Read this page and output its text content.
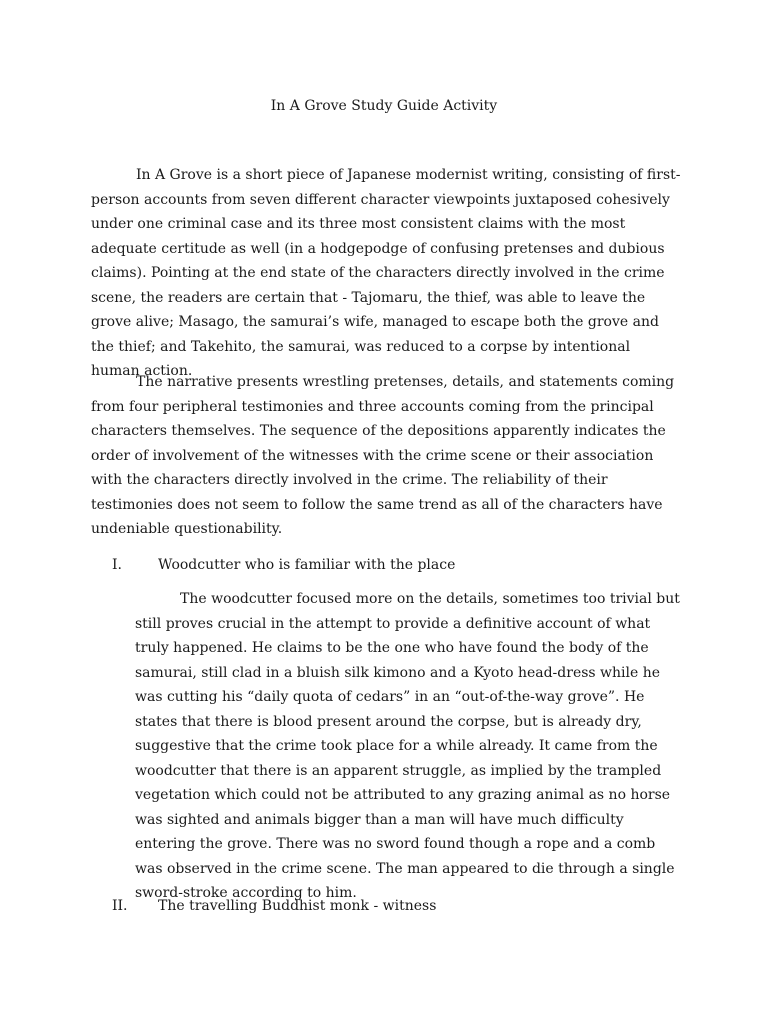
In A Grove Study Guide Activity

In A Grove is a short piece of Japanese modernist writing, consisting of first-person accounts from seven different character viewpoints juxtaposed cohesively under one criminal case and its three most consistent claims with the most adequate certitude as well (in a hodgepodge of confusing pretenses and dubious claims). Pointing at the end state of the characters directly involved in the crime scene, the readers are certain that - Tajomaru, the thief, was able to leave the grove alive; Masago, the samurai’s wife, managed to escape both the grove and the thief; and Takehito, the samurai, was reduced to a corpse by intentional human action.

The narrative presents wrestling pretenses, details, and statements coming from four peripheral testimonies and three accounts coming from the principal characters themselves. The sequence of the depositions apparently indicates the order of involvement of the witnesses with the crime scene or their association with the characters directly involved in the crime. The reliability of their testimonies does not seem to follow the same trend as all of the characters have undeniable questionability.

I.	Woodcutter who is familiar with the place

The woodcutter focused more on the details, sometimes too trivial but still proves crucial in the attempt to provide a definitive account of what truly happened. He claims to be the one who have found the body of the samurai, still clad in a bluish silk kimono and a Kyoto head-dress while he was cutting his “daily quota of cedars” in an “out-of-the-way grove”. He states that there is blood present around the corpse, but is already dry, suggestive that the crime took place for a while already. It came from the woodcutter that there is an apparent struggle, as implied by the trampled vegetation which could not be attributed to any grazing animal as no horse was sighted and animals bigger than a man will have much difficulty entering the grove. There was no sword found though a rope and a comb was observed in the crime scene. The man appeared to die through a single sword-stroke according to him.

II. The travelling Buddhist monk - witness
